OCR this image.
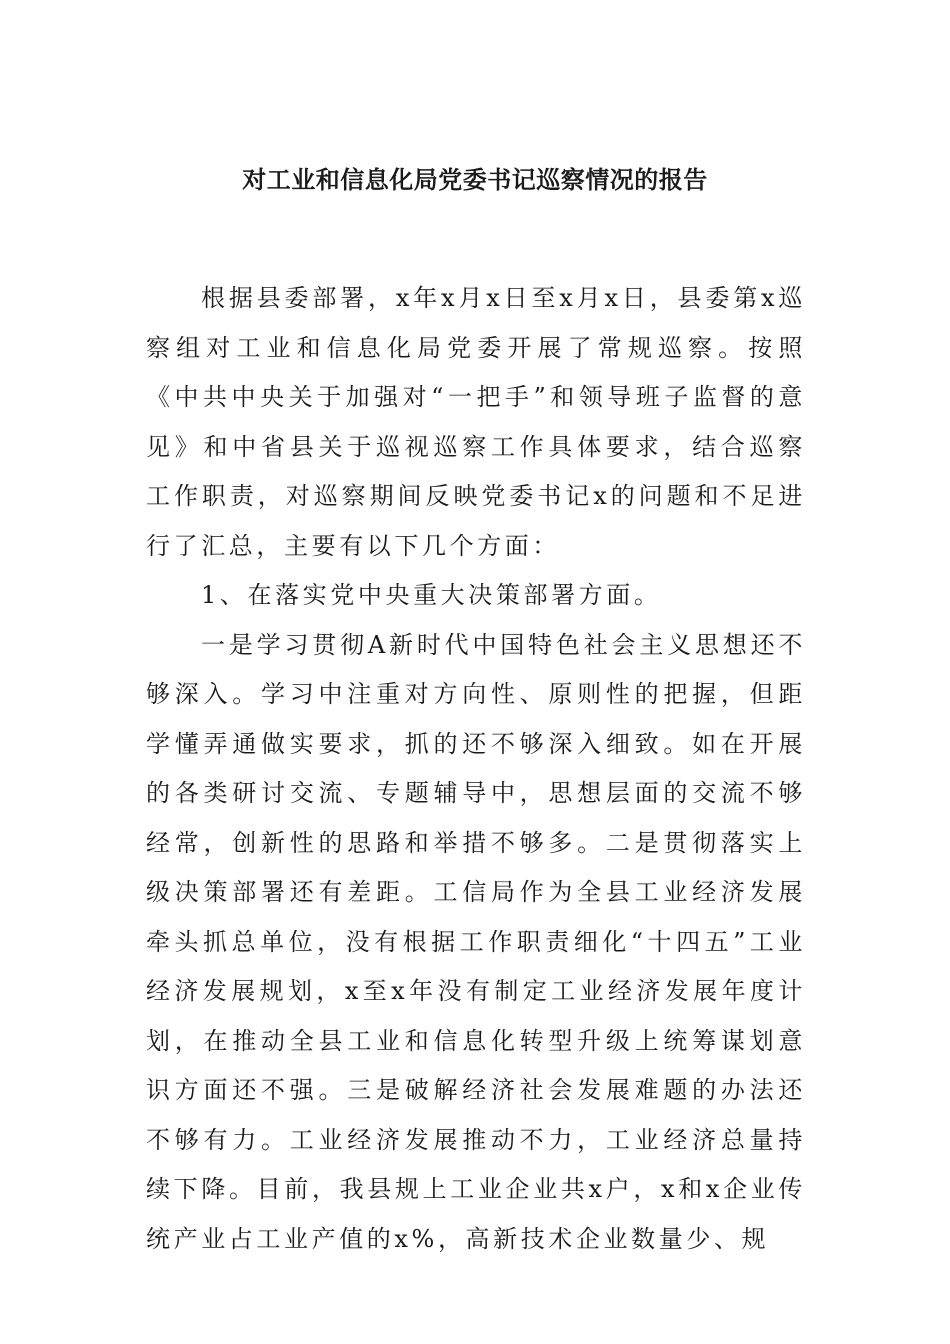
对工业和信息化局党委书记巡察情况的报告

根据县委部署，x年x月x日至x月x日，县委第x巡察组对工业和信息化局党委开展了常规巡察。按照《中共中央关于加强对“一把手”和领导班子监督的意见》和中省县关于巡视巡察工作具体要求，结合巡察工作职责，对巡察期间反映党委书记x的问题和不足进行了汇总，主要有以下几个方面：

1、在落实党中央重大决策部署方面。

一是学习贯彻A新时代中国特色社会主义思想还不够深入。学习中注重对方向性、原则性的把握，但距学懂弄通做实要求，抓的还不够深入细致。如在开展的各类研讨交流、专题辅导中，思想层面的交流不够经常，创新性的思路和举措不够多。二是贯彻落实上级决策部署还有差距。工信局作为全县工业经济发展牵头抓总单位，没有根据工作职责细化“十四五”工业经济发展规划，x至x年没有制定工业经济发展年度计划，在推动全县工业和信息化转型升级上统筹谋划意识方面还不强。三是破解经济社会发展难题的办法还不够有力。工业经济发展推动不力，工业经济总量持续下降。目前，我县规上工业企业共x户，x和x企业传统产业占工业产值的x%，高新技术企业数量少、规
